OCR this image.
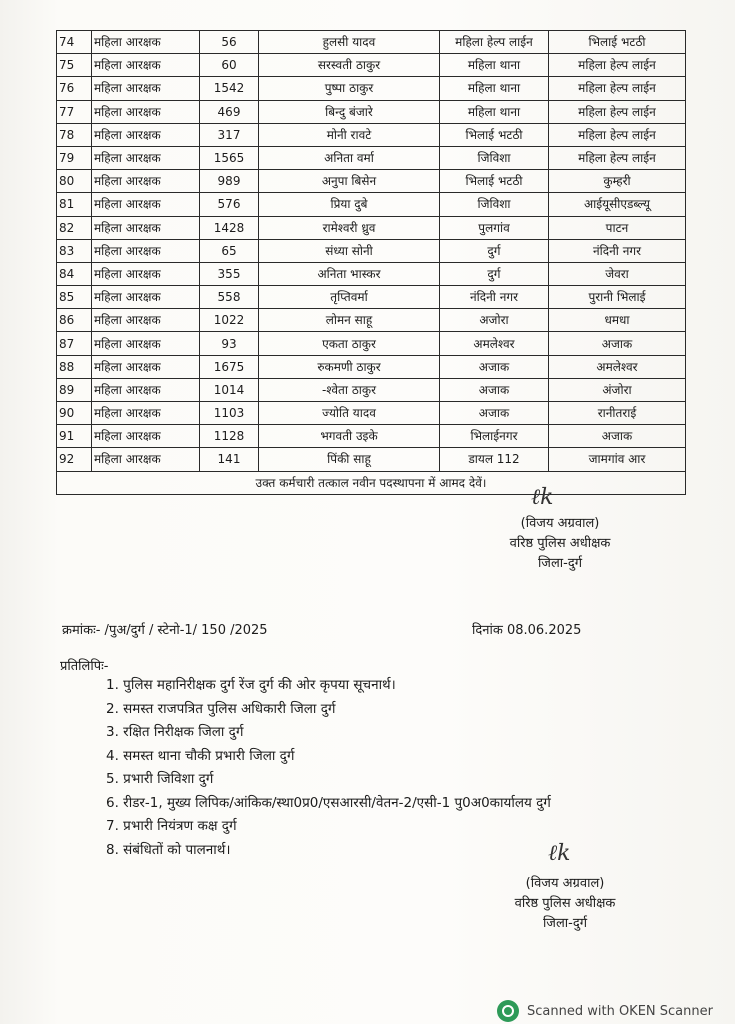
74	महिला आरक्षक	56	हुलसी यादव	महिला हेल्प लाईन	भिलाई भटठी
75	महिला आरक्षक	60	सरस्वती ठाकुर	महिला थाना	महिला हेल्प लाईन
76	महिला आरक्षक	1542	पुष्पा ठाकुर	महिला थाना	महिला हेल्प लाईन
77	महिला आरक्षक	469	बिन्दु बंजारे	महिला थाना	महिला हेल्प लाईन
78	महिला आरक्षक	317	मोनी रावटे	भिलाई भटठी	महिला हेल्प लाईन
79	महिला आरक्षक	1565	अनिता वर्मा	जिविशा	महिला हेल्प लाईन
80	महिला आरक्षक	989	अनुपा बिसेन	भिलाई भटठी	कुम्हरी
81	महिला आरक्षक	576	प्रिया दुबे	जिविशा	आईयूसीएडब्ल्यू
82	महिला आरक्षक	1428	रामेश्वरी ध्रुव	पुलगांव	पाटन
83	महिला आरक्षक	65	संध्या सोनी	दुर्ग	नंदिनी नगर
84	महिला आरक्षक	355	अनिता भास्कर	दुर्ग	जेवरा
85	महिला आरक्षक	558	तृप्तिवर्मा	नंदिनी नगर	पुरानी भिलाई
86	महिला आरक्षक	1022	लोमन साहू	अजोरा	धमधा
87	महिला आरक्षक	93	एकता ठाकुर	अमलेश्वर	अजाक
88	महिला आरक्षक	1675	रुकमणी ठाकुर	अजाक	अमलेश्वर
89	महिला आरक्षक	1014	-श्वेता ठाकुर	अजाक	अंजोरा
90	महिला आरक्षक	1103	ज्योति यादव	अजाक	रानीतराई
91	महिला आरक्षक	1128	भगवती उइके	भिलाईनगर	अजाक
92	महिला आरक्षक	141	पिंकी साहू	डायल 112	जामगांव आर
उक्त कर्मचारी तत्काल नवीन पदस्थापना में आमद देवें।					
ℓk
(विजय अग्रवाल)
वरिष्ठ पुलिस अधीक्षक
जिला-दुर्ग
क्रमांकः- /पुअ/दुर्ग / स्टेनो-1/ 150 /2025	दिनांक 08.06.2025
प्रतिलिपिः-
1. पुलिस महानिरीक्षक दुर्ग रेंज दुर्ग की ओर कृपया सूचनार्थ।
2. समस्त राजपत्रित पुलिस अधिकारी जिला दुर्ग
3. रक्षित निरीक्षक जिला दुर्ग
4. समस्त थाना चौकी प्रभारी जिला दुर्ग
5. प्रभारी जिविशा दुर्ग
6. रीडर-1, मुख्य लिपिक/आंकिक/स्था0प्र0/एसआरसी/वेतन-2/एसी-1 पु0अ0कार्यालय दुर्ग
7. प्रभारी नियंत्रण कक्ष दुर्ग
8. संबंधितों को पालनार्थ।	ℓk
(विजय अग्रवाल)
वरिष्ठ पुलिस अधीक्षक
जिला-दुर्ग
Scanned with OKEN Scanner
